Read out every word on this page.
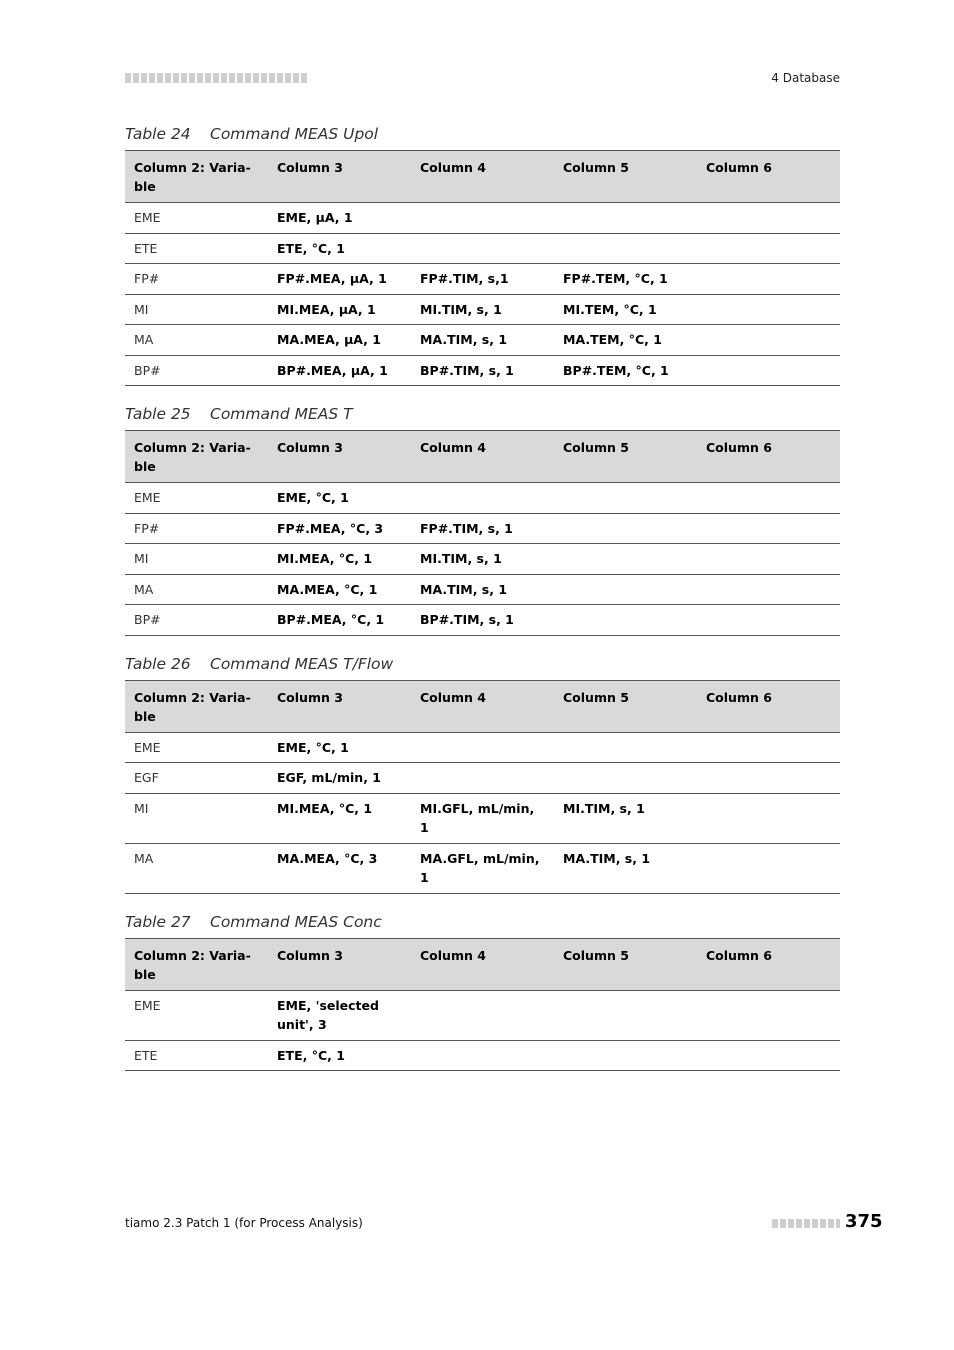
4 Database
Table 24 Command MEAS Upol
Column 2: Varia-ble	Column 3	Column 4	Column 5	Column 6
EME	EME, µA, 1			
ETE	ETE, °C, 1			
FP#	FP#.MEA, µA, 1	FP#.TIM, s,1	FP#.TEM, °C, 1	
MI	MI.MEA, µA, 1	MI.TIM, s, 1	MI.TEM, °C, 1	
MA	MA.MEA, µA, 1	MA.TIM, s, 1	MA.TEM, °C, 1	
BP#	BP#.MEA, µA, 1	BP#.TIM, s, 1	BP#.TEM, °C, 1	
Table 25 Command MEAS T
Column 2: Varia-ble	Column 3	Column 4	Column 5	Column 6
EME	EME, °C, 1			
FP#	FP#.MEA, °C, 3	FP#.TIM, s, 1		
MI	MI.MEA, °C, 1	MI.TIM, s, 1		
MA	MA.MEA, °C, 1	MA.TIM, s, 1		
BP#	BP#.MEA, °C, 1	BP#.TIM, s, 1		
Table 26 Command MEAS T/Flow
Column 2: Varia-ble	Column 3	Column 4	Column 5	Column 6
EME	EME, °C, 1			
EGF	EGF, mL/min, 1			
MI	MI.MEA, °C, 1	MI.GFL, mL/min, 1	MI.TIM, s, 1	
MA	MA.MEA, °C, 3	MA.GFL, mL/min, 1	MA.TIM, s, 1	
Table 27 Command MEAS Conc
Column 2: Varia-ble	Column 3	Column 4	Column 5	Column 6
EME	EME, 'selected unit', 3			
ETE	ETE, °C, 1			
tiamo 2.3 Patch 1 (for Process Analysis)	375
